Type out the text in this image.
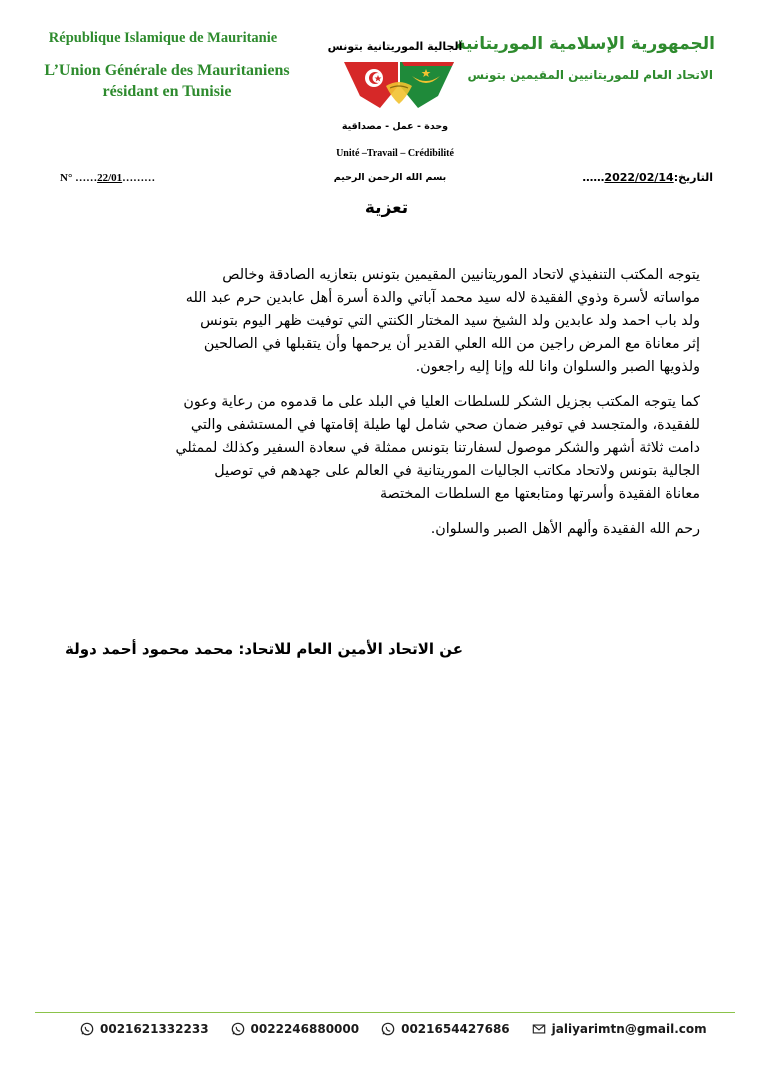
République Islamique de Mauritanie
L’Union Générale des Mauritaniens
résidant en Tunisie
الجمهورية الإسلامية الموريتانية
الاتحاد العام للموريتانيين المقيمين بتونس
الجالية الموريتانية بتونس
وحدة - عمل - مصداقية
Unité –Travail – Crédibilité
N° ……22/01………	بسم الله الرحمن الرحيم	التاريخ:2022/02/14……
تعزية
يتوجه المكتب التنفيذي لاتحاد الموريتانيين المقيمين بتونس بتعازيه الصادقة وخالص
مواساته لأسرة وذوي الفقيدة لاله سيد محمد آباتي والدة أسرة أهل عابدين حرم عبد الله
ولد باب احمد ولد عابدين ولد الشيخ سيد المختار الكنتي التي توفيت ظهر اليوم بتونس
إثر معاناة مع المرض راجين من الله العلي القدير أن يرحمها وأن يتقبلها في الصالحين
ولذويها الصبر والسلوان وانا لله وإنا إليه راجعون.
كما يتوجه المكتب بجزيل الشكر للسلطات العليا في البلد على ما قدموه من رعاية وعون
للفقيدة، والمتجسد في توفير ضمان صحي شامل لها طيلة إقامتها في المستشفى والتي
دامت ثلاثة أشهر والشكر موصول لسفارتنا بتونس ممثلة في سعادة السفير وكذلك لممثلي
الجالية بتونس ولاتحاد مكاتب الجاليات الموريتانية في العالم على جهدهم في توصيل
معاناة الفقيدة وأسرتها ومتابعتها مع السلطات المختصة
رحم الله الفقيدة وألهم الأهل الصبر والسلوان.
عن الاتحاد الأمين العام للاتحاد: محمد محمود أحمد دولة
0021621332233	0022246880000	0021654427686	jaliyarimtn@gmail.com
